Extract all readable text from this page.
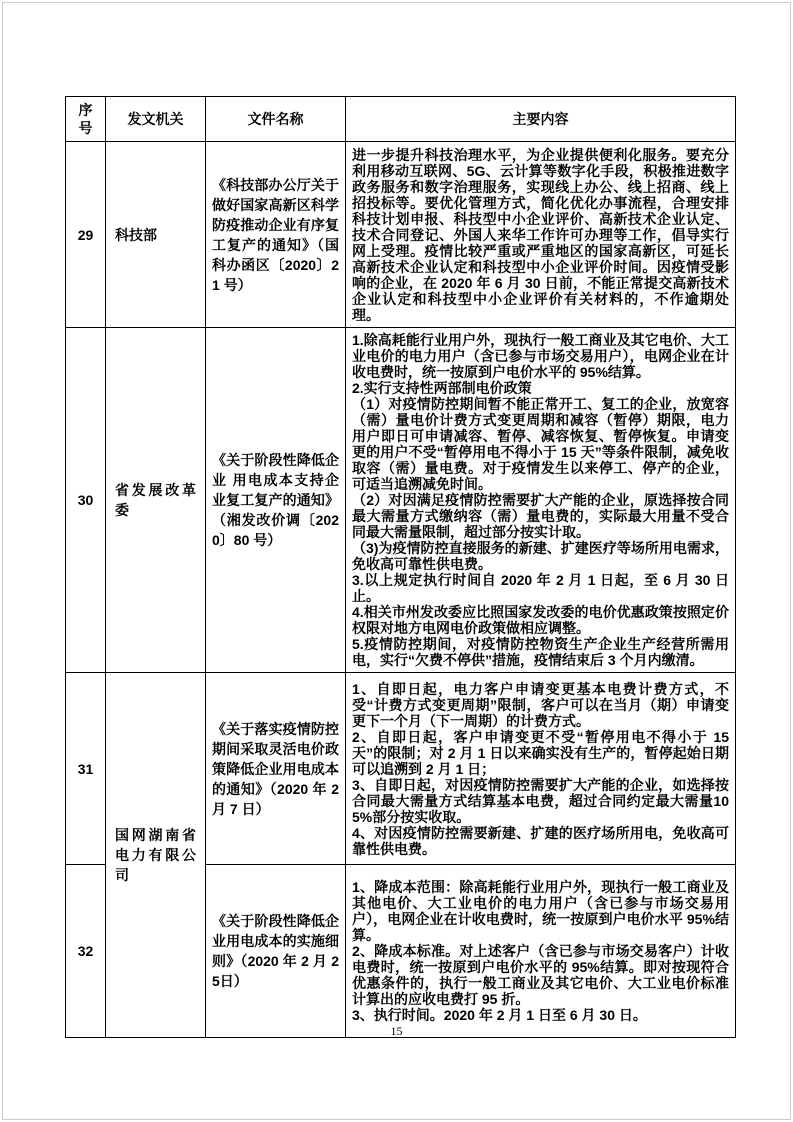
序号	发文机关	文件名称	主要内容
29	科技部	《科技部办公厅关于做好国家高新区科学防疫推动企业有序复工复产的通知》（国科办函区〔2020〕21 号）	进一步提升科技治理水平，为企业提供便利化服务。要充分利用移动互联网、5G、云计算等数字化手段，积极推进数字政务服务和数字治理服务，实现线上办公、线上招商、线上招投标等。要优化管理方式，简化优化办事流程，合理安排科技计划申报、科技型中小企业评价、高新技术企业认定、技术合同登记、外国人来华工作许可办理等工作，倡导实行网上受理。疫情比较严重或严重地区的国家高新区，可延长高新技术企业认定和科技型中小企业评价时间。因疫情受影响的企业，在 2020 年 6 月 30 日前，不能正常提交高新技术企业认定和科技型中小企业评价有关材料的，不作逾期处理。

30	省发展改革委	《关于阶段性降低企业 用电成本支持企业复工复产的通知》（湘发改价调〔2020〕80 号）	
1.除高耗能行业用户外，现执行一般工商业及其它电价、大工业电价的电力用户（含已参与市场交易用户），电网企业在计收电费时，统一按原到户电价水平的 95%结算。
2.实行支持性两部制电价政策
（1）对疫情防控期间暂不能正常开工、复工的企业，放宽容（需）量电价计费方式变更周期和减容（暂停）期限，电力用户即日可申请减容、暂停、减容恢复、暂停恢复。申请变更的用户不受“暂停用电不得小于 15 天”等条件限制，减免收取容（需）量电费。对于疫情发生以来停工、停产的企业，可适当追溯减免时间。
（2）对因满足疫情防控需要扩大产能的企业，原选择按合同最大需量方式缴纳容（需）量电费的，实际最大用量不受合同最大需量限制，超过部分按实计取。
（3)为疫情防控直接服务的新建、扩建医疗等场所用电需求，免收高可靠性供电费。
3.以上规定执行时间自 2020 年 2 月 1 日起，至 6 月 30 日止。
4.相关市州发改委应比照国家发改委的电价优惠政策按照定价权限对地方电网电价政策做相应调整。
5.疫情防控期间，对疫情防控物资生产企业生产经营所需用电，实行“欠费不停供”措施，疫情结束后 3 个月内缴清。

31	国网湖南省电力有限公司	《关于落实疫情防控期间采取灵活电价政策降低企业用电成本的通知》（2020 年 2月 7 日）	1、自即日起，电力客户申请变更基本电费计费方式，不受“计费方式变更周期”限制，客户可以在当月（期）申请变更下一个月（下一周期）的计费方式。
2、自即日起，客户申请变更不受“暂停用电不得小于 15 天”的限制；对 2 月 1 日以来确实没有生产的，暂停起始日期可以追溯到 2 月 1 日；
3、自即日起，对因疫情防控需要扩大产能的企业，如选择按合同最大需量方式结算基本电费，超过合同约定最大需量105%部分按实收取。
4、对因疫情防控需要新建、扩建的医疗场所用电，免收高可靠性供电费。

32		《关于阶段性降低企业用电成本的实施细则》（2020 年 2 月 25日）	1、降成本范围：除高耗能行业用户外，现执行一般工商业及其他电价、大工业电价的电力用户（含已参与市场交易用户），电网企业在计收电费时，统一按原到户电价水平 95%结算。
2、降成本标准。对上述客户（含已参与市场交易客户）计收电费时，统一按原到户电价水平的 95%结算。即对按现符合优惠条件的，执行一般工商业及其它电价、大工业电价标准计算出的应收电费打 95 折。
3、执行时间。2020 年 2 月 1 日至 6 月 30 日。
15
